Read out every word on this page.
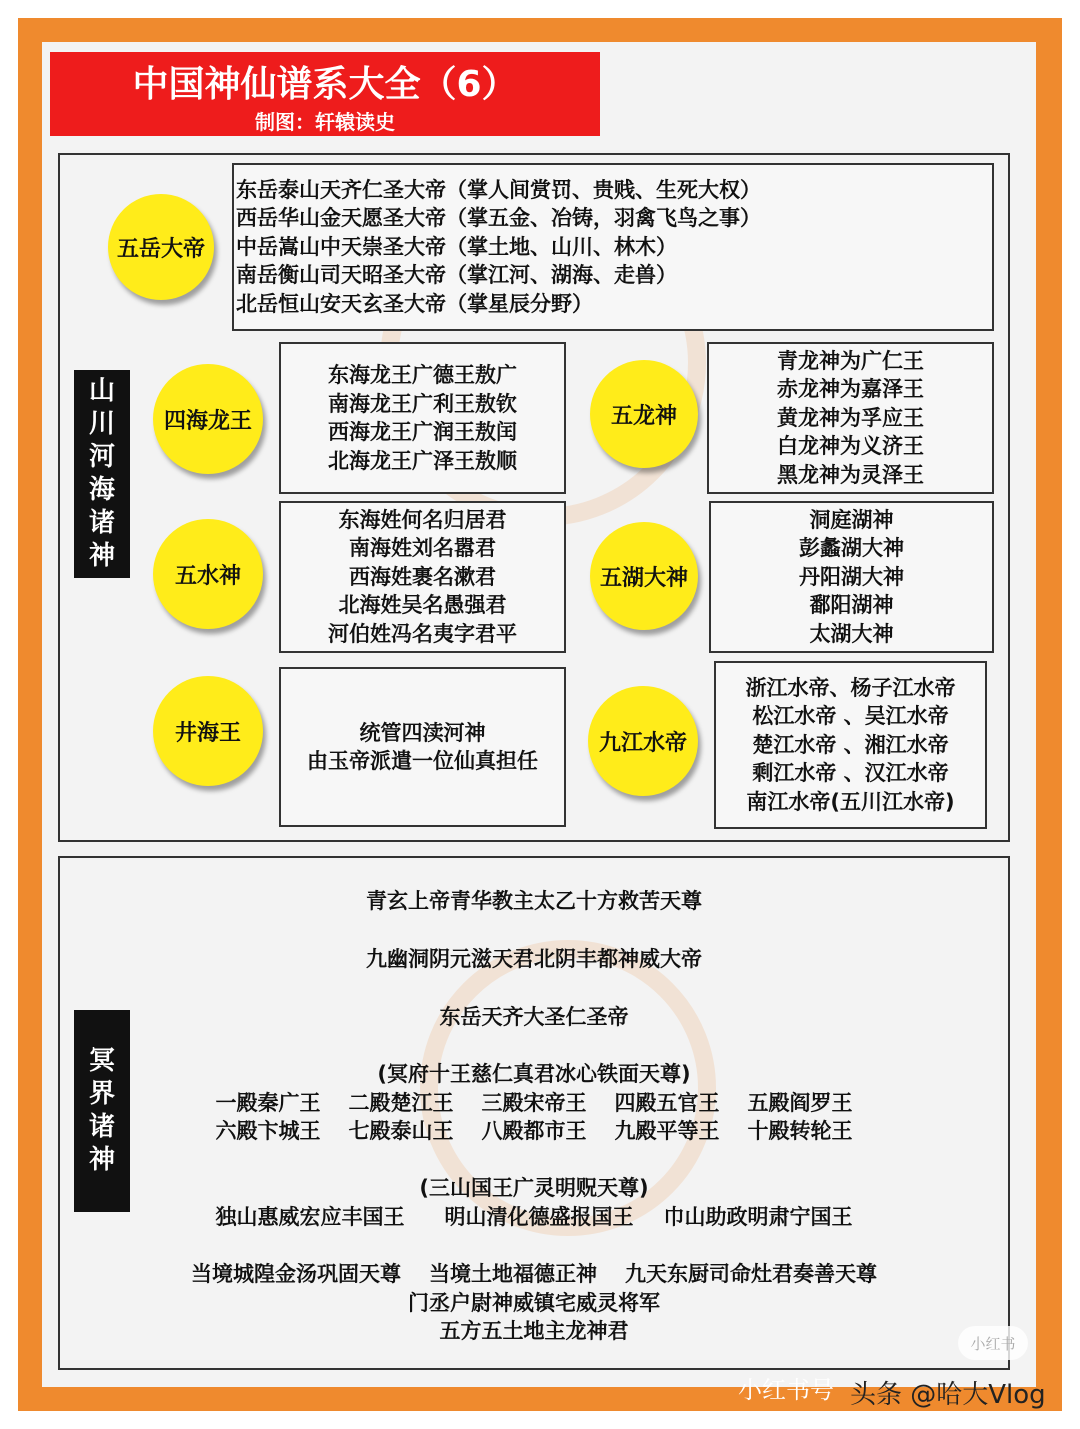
中国神仙谱系大全（6）
制图：轩辕读史
山
川
河
海
诸
神
东岳泰山天齐仁圣大帝（掌人间赏罚、贵贱、生死大权）
西岳华山金天愿圣大帝（掌五金、冶铸，羽禽飞鸟之事）
中岳嵩山中天崇圣大帝（掌土地、山川、林木）
南岳衡山司天昭圣大帝（掌江河、湖海、走兽）
北岳恒山安天玄圣大帝（掌星辰分野）
五岳大帝
东海龙王广德王敖广
南海龙王广利王敖钦
西海龙王广润王敖闰
北海龙王广泽王敖顺
四海龙王
青龙神为广仁王
赤龙神为嘉泽王
黄龙神为孚应王
白龙神为义济王
黑龙神为灵泽王
五龙神
东海姓何名归居君
南海姓刘名嚣君
西海姓裹名漱君
北海姓吴名愚强君
河伯姓冯名夷字君平
五水神
洞庭湖神
彭蠡湖大神
丹阳湖大神
鄱阳湖神
太湖大神
五湖大神
统管四渎河神
由玉帝派遣一位仙真担任
井海王
浙江水帝、杨子江水帝
松江水帝 、吴江水帝
楚江水帝 、湘江水帝
剩江水帝 、汉江水帝
南江水帝(五川江水帝)
九江水帝
冥
界
诸
神
青玄上帝青华教主太乙十方救苦天尊
九幽洞阴元滋天君北阴丰都神威大帝
东岳天齐大圣仁圣帝
(冥府十王慈仁真君冰心铁面天尊)
一殿秦广王 二殿楚江王 三殿宋帝王 四殿五官王 五殿阎罗王
六殿卞城王 七殿泰山王 八殿都市王 九殿平等王 十殿转轮王
(三山国王广灵明贶天尊)
独山惠威宏应丰国王 明山清化德盛报国王 巾山助政明肃宁国王
当境城隍金汤巩固天尊 当境土地福德正神 九天东厨司命灶君奏善天尊
门丞户尉神威镇宅威灵将军
五方五土地主龙神君
小红书
小红书号 头条 @哈大Vlog
